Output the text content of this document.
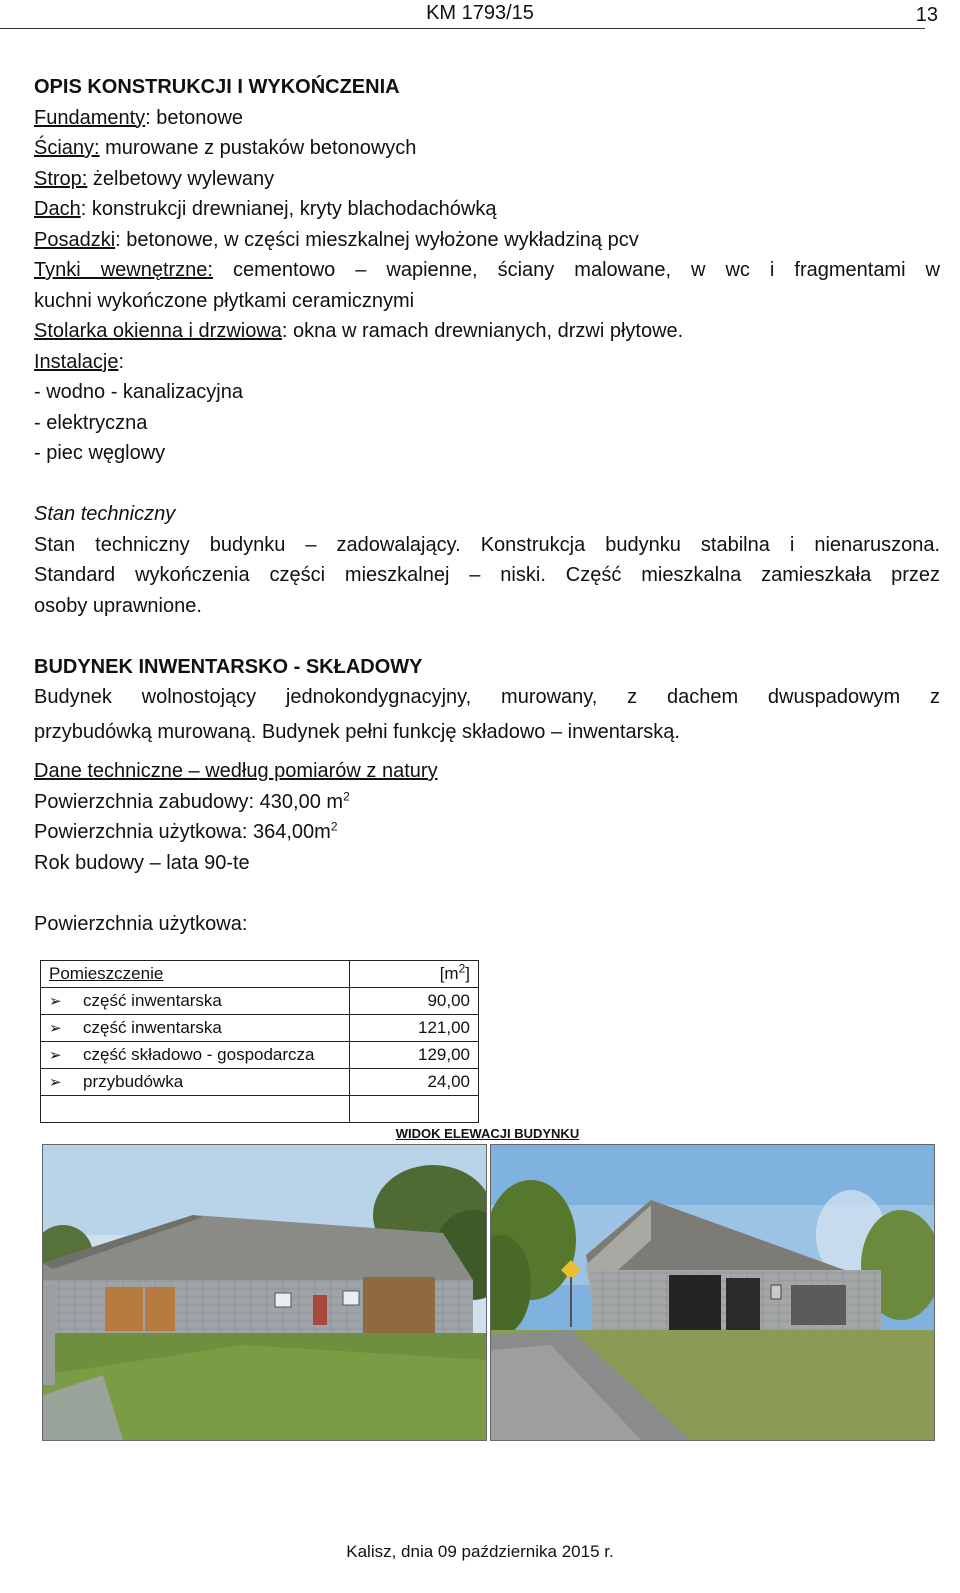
KM 1793/15	13
OPIS KONSTRUKCJI I WYKOŃCZENIA
Fundamenty: betonowe
Ściany: murowane z pustaków betonowych
Strop: żelbetowy wylewany
Dach: konstrukcji drewnianej, kryty blachodachówką
Posadzki: betonowe, w części mieszkalnej wyłożone wykładziną pcv
Tynki wewnętrzne: cementowo – wapienne, ściany malowane, w wc i fragmentami w
kuchni wykończone płytkami ceramicznymi
Stolarka okienna i drzwiowa: okna w ramach drewnianych, drzwi płytowe.
Instalacje:
- wodno - kanalizacyjna
- elektryczna
- piec węglowy
Stan techniczny
Stan techniczny budynku – zadowalający. Konstrukcja budynku stabilna i nienaruszona.
Standard wykończenia części mieszkalnej – niski. Część mieszkalna zamieszkała przez
osoby uprawnione.
BUDYNEK INWENTARSKO - SKŁADOWY
Budynek wolnostojący jednokondygnacyjny, murowany, z dachem dwuspadowym z
przybudówką murowaną. Budynek pełni funkcję składowo – inwentarską.
Dane techniczne – według pomiarów z natury
Powierzchnia zabudowy: 430,00 $m^2$
Powierzchnia użytkowa: $364,00m^2$
Rok budowy – lata 90-te
Powierzchnia użytkowa:
Pomieszczenie	$[m^2]$
➢ część inwentarska	90,00
➢ część inwentarska	121,00
➢ część składowo - gospodarcza	129,00
➢ przybudówka	24,00

WIDOK ELEWACJI BUDYNKU
Kalisz, dnia 09 października 2015 r.
